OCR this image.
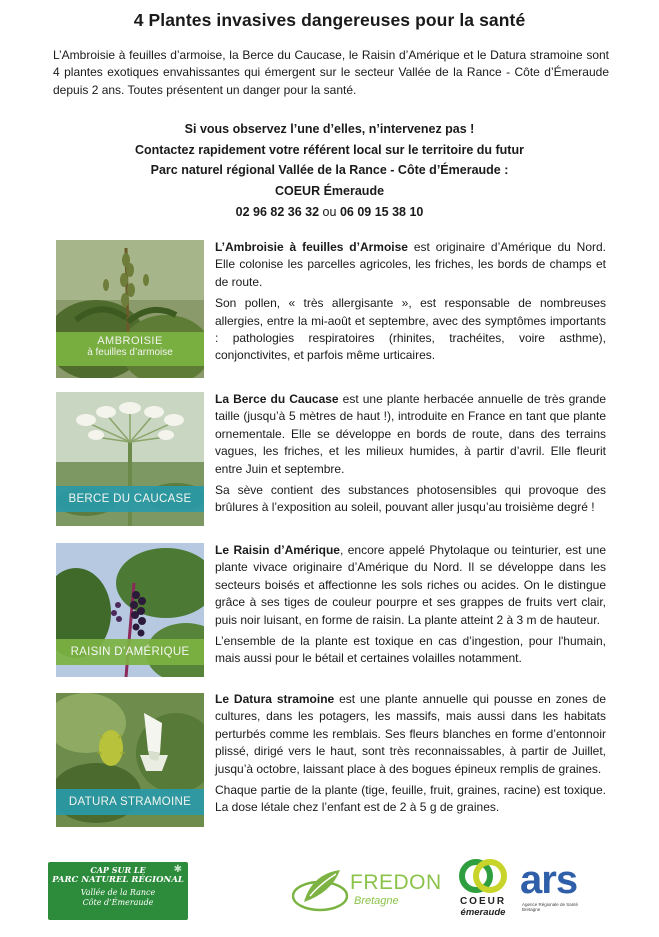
4 Plantes invasives dangereuses pour la santé
L’Ambroisie à feuilles d’armoise, la Berce du Caucase, le Raisin d’Amérique et le Datura stramoine sont 4 plantes exotiques envahissantes qui émergent sur le secteur Vallée de la Rance - Côte d’Émeraude depuis 2 ans. Toutes présentent un danger pour la santé.
Si vous observez l’une d’elles, n’intervenez pas !
Contactez rapidement votre référent local sur le territoire du futur
Parc naturel régional Vallée de la Rance - Côte d’Émeraude :
COEUR Émeraude
02 96 82 36 32 ou 06 09 15 38 10
AMBROISIE
à feuilles d’armoise

L’Ambroisie à feuilles d’Armoise est originaire d’Amérique du Nord. Elle colonise les parcelles agricoles, les friches, les bords de champs et de route.

Son pollen, « très allergisante », est responsable de nombreuses allergies, entre la mi-août et septembre, avec des symptômes importants : pathologies respiratoires (rhinites, trachéites, voire asthme), conjonctivites, et parfois même urticaires.

BERCE DU CAUCASE

La Berce du Caucase est une plante herbacée annuelle de très grande taille (jusqu’à 5 mètres de haut !), introduite en France en tant que plante ornementale. Elle se développe en bords de route, dans des terrains vagues, les friches, et les milieux humides, à partir d’avril. Elle fleurit entre Juin et septembre.

Sa sève contient des substances photosensibles qui provoque des brûlures à l’exposition au soleil, pouvant aller jusqu’au troisième degré !

RAISIN D’AMÉRIQUE

Le Raisin d’Amérique, encore appelé Phytolaque ou teinturier, est une plante vivace originaire d’Amérique du Nord. Il se développe dans les secteurs boisés et affectionne les sols riches ou acides. On le distingue grâce à ses tiges de couleur pourpre et ses grappes de fruits vert clair, puis noir luisant, en forme de raisin. La plante atteint 2 à 3 m de hauteur.

L’ensemble de la plante est toxique en cas d’ingestion, pour l'humain, mais aussi pour le bétail et certaines volailles notamment.

DATURA STRAMOINE

Le Datura stramoine est une plante annuelle qui pousse en zones de cultures, dans les potagers, les massifs, mais aussi dans les habitats perturbés comme les remblais. Ses fleurs blanches en forme d’entonnoir plissé, dirigé vers le haut, sont très reconnaissables, à partir de Juillet, jusqu’à octobre, laissant place à des bogues épineux remplis de graines.

Chaque partie de la plante (tige, feuille, fruit, graines, racine) est toxique. La dose létale chez l’enfant est de 2 à 5 g de graines.

CAP SUR LE
PARC NATUREL RÉGIONAL
Vallée de la Rance
Côte d’Émeraude
✱
FREDON
Bretagne	COEUR
émeraude
ars
Agence Régionale de Santé Bretagne
